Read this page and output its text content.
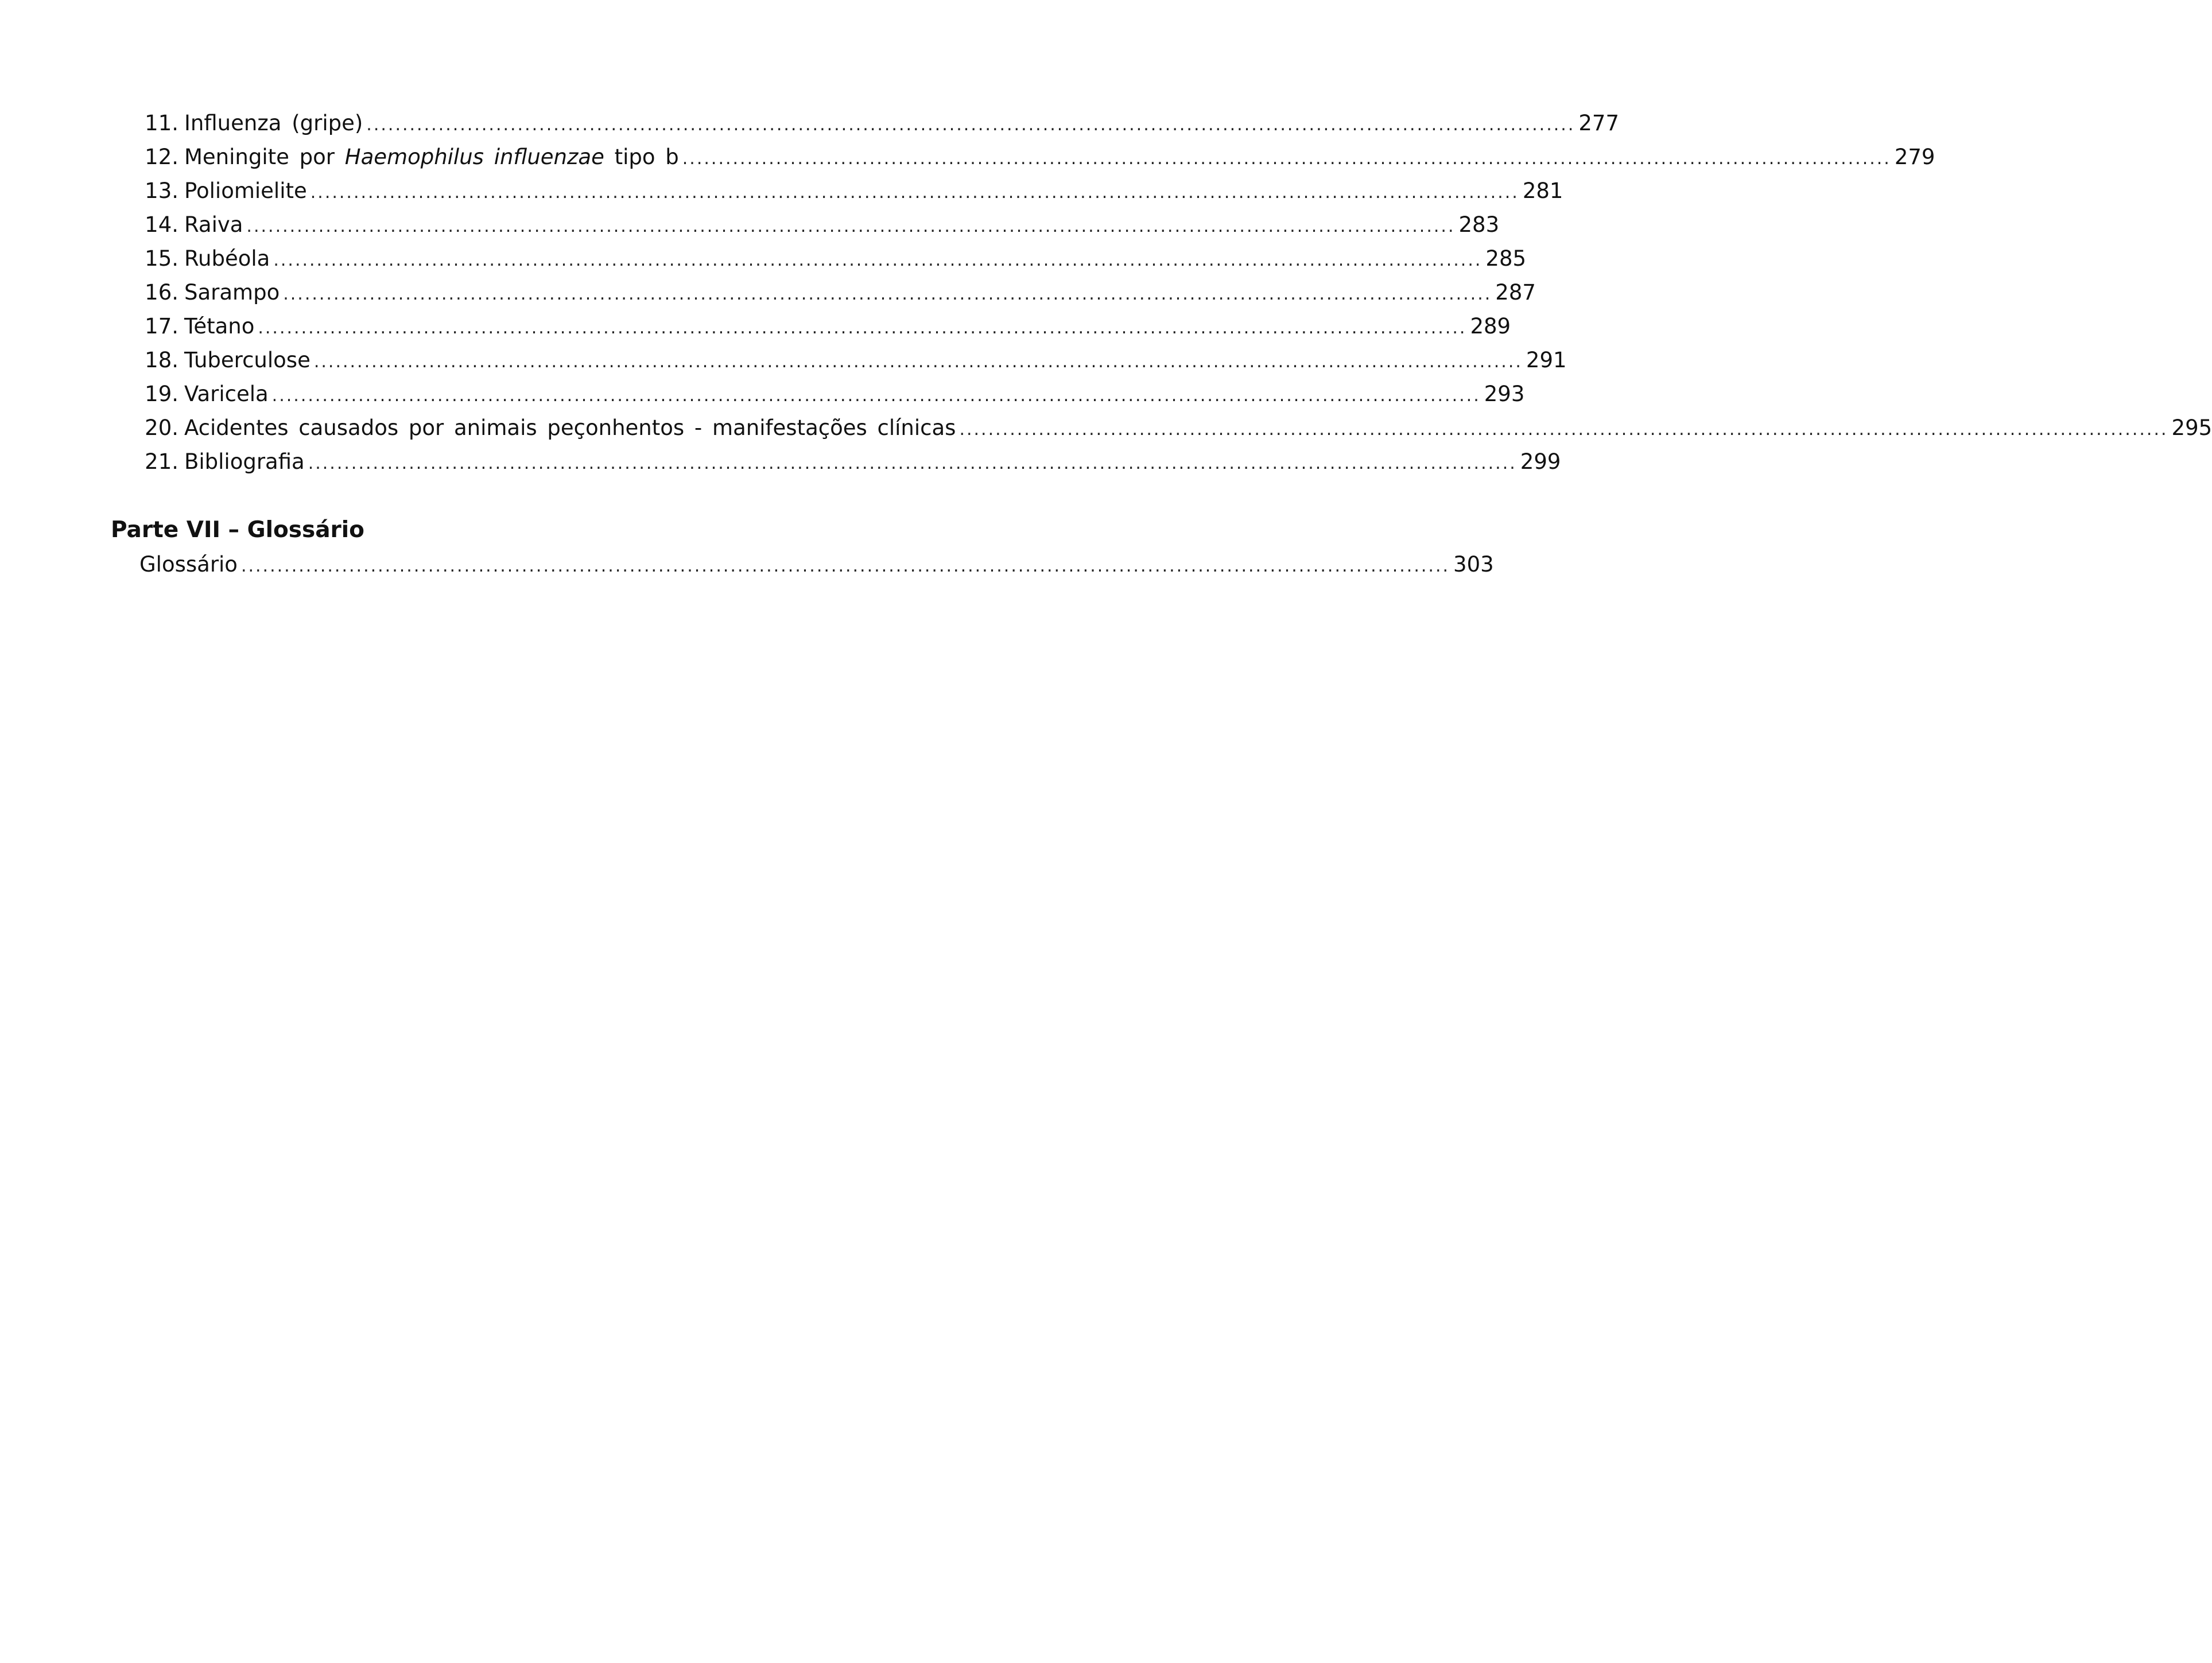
11. Influenza (gripe) ........................................................................................................................................................................ 277
12. Meningite por Haemophilus influenzae tipo b ........................................................................................................................................................................ 279
13. Poliomielite ........................................................................................................................................................................ 281
14. Raiva ........................................................................................................................................................................ 283
15. Rubéola ........................................................................................................................................................................ 285
16. Sarampo ........................................................................................................................................................................ 287
17. Tétano ........................................................................................................................................................................ 289
18. Tuberculose ........................................................................................................................................................................ 291
19. Varicela ........................................................................................................................................................................ 293
20. Acidentes causados por animais peçonhentos - manifestações clínicas ........................................................................................................................................................................ 295
21. Bibliografia ........................................................................................................................................................................ 299
Parte VII – Glossário
Glossário ........................................................................................................................................................................ 303
